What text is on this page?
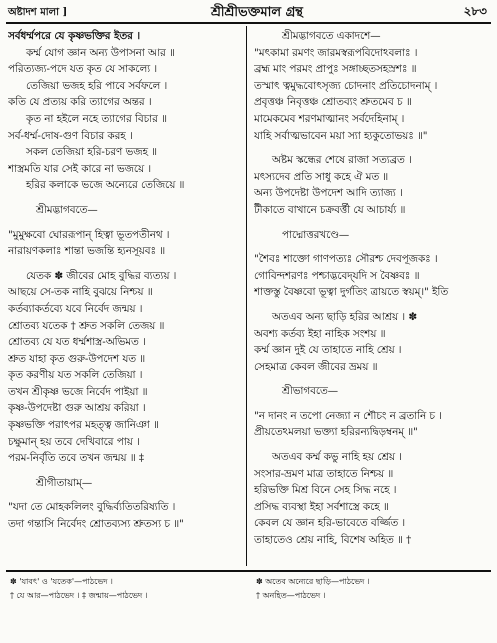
অষ্টাদশ মালা ]	শ্রীশ্রীভক্তমাল গ্রন্থ	২৮৩
সর্বধর্ম্মপরে যে কৃষ্ণভক্তির ইতর ।
কর্ম্ম যোগ জ্ঞান অন্য উপাসনা আর ॥
পরিত্যজ্য-পদে যত কৃত যে সাকল্যে ।
তেজিয়া ভজহ হরি পাবে সর্বফলে ।
কতি যে প্রত্যয় করি ত্যাগের অন্তর ।
কৃত না হইলে নহে ত্যাগের বিচার ॥
সর্ব-ধর্ম্ম-দোষ-গুণ বিচার করহ ।
সকল তেজিয়া হরি-চরণ ভজহ ॥
শাস্ত্রমতি যার সেই কারে না ভজয়ে ।
হরির কলাকে ভজে অন্যেরে তেজিয়ে ॥
শ্রীমদ্ভাগবতে—
"মুমুক্ষবো ঘোররূপান্ হিত্বা ভূতপতীনথ ।
নারায়ণকলাঃ শান্তা ভজন্তি হ্যনসূয়বঃ ॥
যেতক ✽ জীবের মোহ বুদ্ধির ব্যত্যয় ।
আছয়ে সে-তক নাহি বুঝয়ে নিশ্চয় ॥
কর্তব্যাকর্তব্যে যবে নির্বেদ জন্ময় ।
শ্রোতব্য যতেক † শ্রুত সকলি তেজয় ॥
শ্রোতব্য যে যত ধর্ম্মশাস্ত্র-অভিমত ।
শ্রুত যাহা কৃত গুরু-উপদেশ যত ॥
কৃত করণীয় যত সকলি তেজিয়া ।
তখন শ্রীকৃষ্ণ ভজে নির্বেদ পাইয়া ॥
কৃষ্ণ-উপদেষ্টা গুরু আশ্রয় করিয়া ।
কৃষ্ণভক্তি পরাৎপর মহত্ত্ব জানিঞা ॥
চক্ষুমান্ হয় তবে দেখিবারে পায় ।
পরম-নির্বৃতি তবে তখন জন্ময় ॥ ‡
শ্রীগীতায়াম্—
"যদা তে মোহকলিলং বুদ্ধির্ব্যতিতরিষ্যতি ।
তদা গন্তাসি নির্বেদং শ্রোতব্যস্য শ্রুতস্য চ ॥"
শ্রীমদ্ভাগবতে একাদশে—
"মৎকামা রমণং জারমস্বরূপবিদোঽবলাঃ ।
ব্রহ্ম মাং পরমং প্রাপুঃ সঙ্গাচ্ছতসহস্রশঃ ॥
তস্মাৎ ত্বমুদ্ধবোৎসৃজ্য চোদনাং প্রতিচোদনাম্ ।
প্রবৃত্তঞ্চ নিবৃত্তঞ্চ শ্রোতব্যং শ্রুতমেব চ ॥
মামেকমেব শরণমাত্মানং সর্বদেহিনাম্ ।
যাহি সর্বাত্মভাবেন ময়া স্যা হ্যকুতোভয়ঃ ॥"
অষ্টম স্কন্ধের শেষে রাজা সত্যব্রত ।
মৎস্যদেব প্রতি সাধু কহে ঐ মত ॥
অন্য উপদেষ্টা উপদেশ আদি ত্যাজ্য ।
টীকাতে বাখানে চক্রবর্ত্তী যে আচার্য্য ॥
পাদ্মোত্তরখণ্ডে—
"শৈবঃ শাক্তো গাণপত্যঃ সৌরশ্চ দেবপূজকঃ ।
গোবিন্দশরণঃ পশ্চাদ্ভবেদ্‌যদি স বৈষ্ণবঃ ॥
শাক্তস্তু বৈষ্ণবো ভূত্বা দুর্গতিং ত্রায়তে স্বয়ম্।" ইতি
অতএব অন্য ছাড়ি হরির আশ্রয় । ✽
অবশ্য কর্তব্য ইহা নাহিক সংশয় ॥
কর্ম্ম জ্ঞান দুই যে তাহাতে নাহি শ্রেয় ।
সেহমাত্র কেবল জীবের ভ্রময় ॥
শ্রীভাগবতে—
"ন দানং ন তপো নেজ্যা ন শৌচং ন ব্রতানি চ ।
প্রীয়তেঽমলয়া ভক্ত্যা হরিরন্যদ্বিড়ম্বনম্ ॥"
অতএব কর্ম্ম কভু নাহি হয় শ্রেয় ।
সংসার-ভ্রমণ মাত্র তাহাতে নিশ্চয় ॥
হরিভক্তি মিশ্র বিনে সেহ সিদ্ধ নহে ।
প্রসিদ্ধ ব্যবস্থা ইহা সর্বশাস্ত্রে কহে ॥
কেবল যে জ্ঞান হরি-ভাবেতে বর্জ্জিত ।
তাহাতেও শ্রেয় নাহি, বিশেষ অহিত ॥ †
✽ 'যাবৎ' ও 'যতেক'—পাঠভেদ ।
† যে আর—পাঠভেদ । ‡ জন্মায়—পাঠভেদ ।
✽ অতেব অন্যেরে ছাড়ি—পাঠভেদ ।
† অনহিত—পাঠভেদ ।
